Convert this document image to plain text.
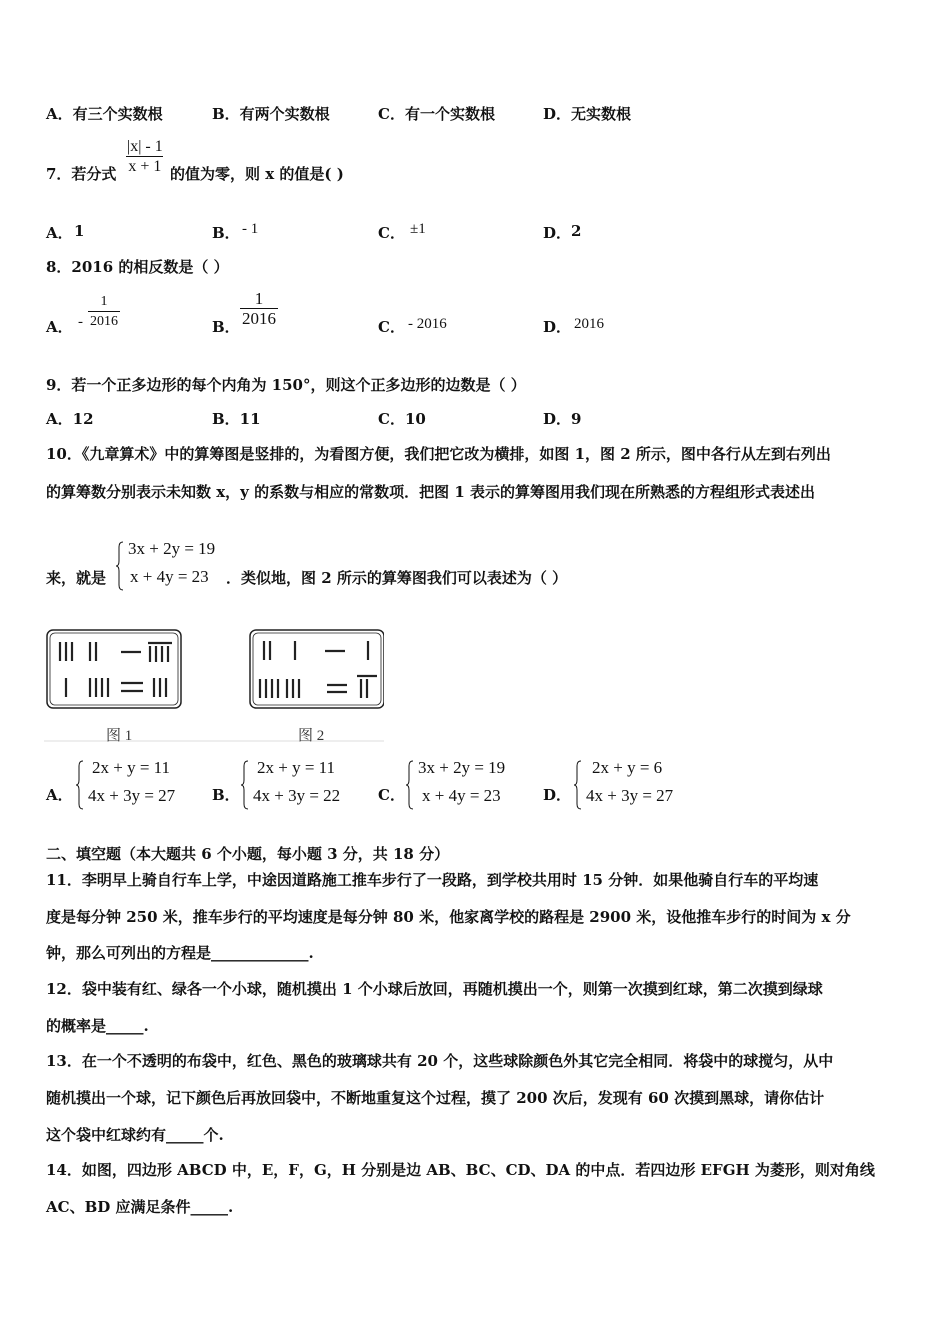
A．有三个实数根	B．有两个实数根	C．有一个实数根	D．无实数根
7．若分式 $\frac{|x| - 1}{x + 1}$ 的值为零，则 x 的值是( )
A． 1	B． - 1	C． ±1	D． 2
8．2016 的相反数是（ ）
A． - $\frac{1}{2016}$	B． $\frac{1}{2016}$	C． - 2016	D． 2016
9．若一个正多边形的每个内角为 150°，则这个正多边形的边数是（ ）
A．12	B．11	C．10	D．9
10．《九章算术》中的算筹图是竖排的，为看图方便，我们把它改为横排，如图 1，图 2 所示，图中各行从左到右列出
的算筹数分别表示未知数 x，y 的系数与相应的常数项．把图 1 表示的算筹图用我们现在所熟悉的方程组形式表述出
来，就是
3x + 2y = 19
x + 4y = 23 ．类似地，图 2 所示的算筹图我们可以表述为（ ）
图 1	图 2
A．
2x + y = 11
4x + 3y = 27 B．
2x + y = 11
4x + 3y = 22	C．
3x + 2y = 19
x + 4y = 23	D．
2x + y = 6
4x + 3y = 27
二、填空题（本大题共 6 个小题，每小题 3 分，共 18 分）
11．李明早上骑自行车上学，中途因道路施工推车步行了一段路，到学校共用时 15 分钟．如果他骑自行车的平均速
度是每分钟 250 米，推车步行的平均速度是每分钟 80 米，他家离学校的路程是 2900 米，设他推车步行的时间为 x 分
钟，那么可列出的方程是_____________.
12．袋中装有红、绿各一个小球，随机摸出 1 个小球后放回，再随机摸出一个，则第一次摸到红球，第二次摸到绿球
的概率是_____.
13．在一个不透明的布袋中，红色、黑色的玻璃球共有 20 个，这些球除颜色外其它完全相同．将袋中的球搅匀，从中
随机摸出一个球，记下颜色后再放回袋中，不断地重复这个过程，摸了 200 次后，发现有 60 次摸到黑球，请你估计
这个袋中红球约有_____个.
14．如图，四边形 ABCD 中，E，F，G，H 分别是边 AB、BC、CD、DA 的中点．若四边形 EFGH 为菱形，则对角线
AC、BD 应满足条件_____.
